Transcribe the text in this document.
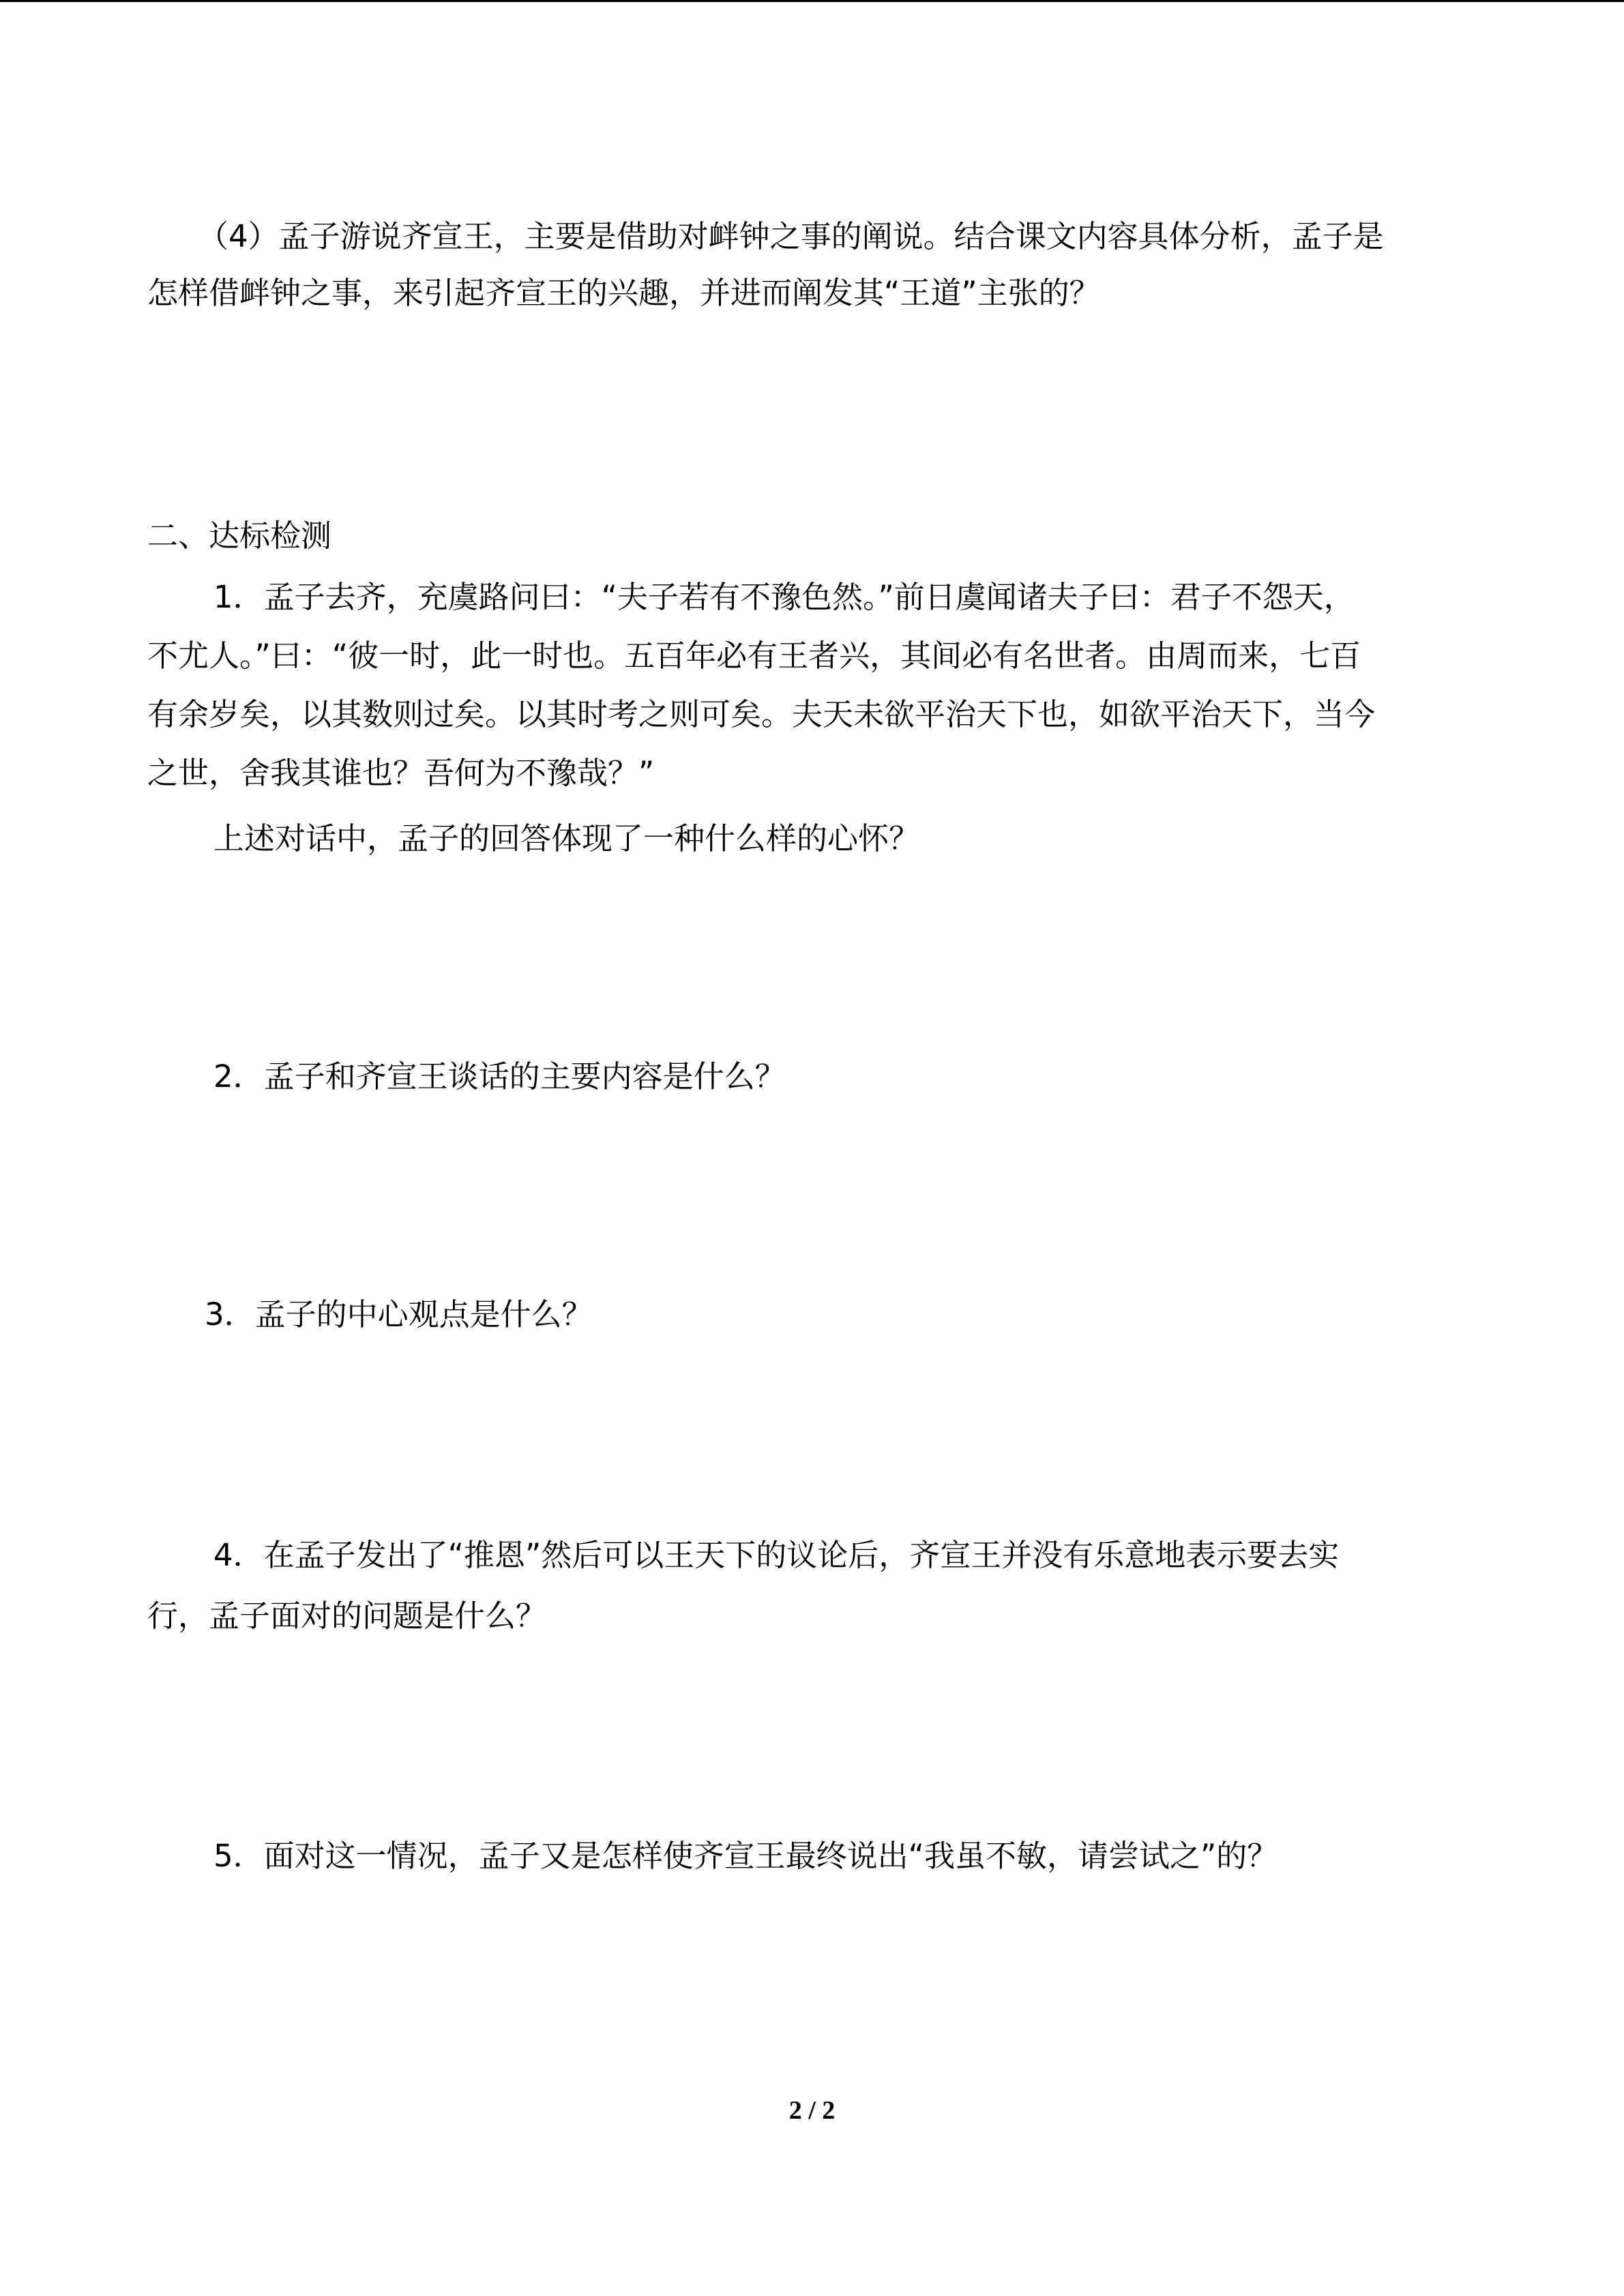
（4）孟子游说齐宣王，主要是借助对衅钟之事的阐说。结合课文内容具体分析，孟子是
怎样借衅钟之事，来引起齐宣王的兴趣，并进而阐发其“王道”主张的？
二、达标检测
1．孟子去齐，充虞路问曰：“夫子若有不豫色然。”前日虞闻诸夫子曰：君子不怨天，
不尤人。”曰：“彼一时，此一时也。五百年必有王者兴，其间必有名世者。由周而来，七百
有余岁矣，以其数则过矣。以其时考之则可矣。夫天未欲平治天下也，如欲平治天下，当今
之世，舍我其谁也？吾何为不豫哉？”
上述对话中，孟子的回答体现了一种什么样的心怀？
2．孟子和齐宣王谈话的主要内容是什么？
3．孟子的中心观点是什么？
4．在孟子发出了“推恩”然后可以王天下的议论后，齐宣王并没有乐意地表示要去实
行，孟子面对的问题是什么？
5．面对这一情况，孟子又是怎样使齐宣王最终说出“我虽不敏，请尝试之”的？
2 / 2
